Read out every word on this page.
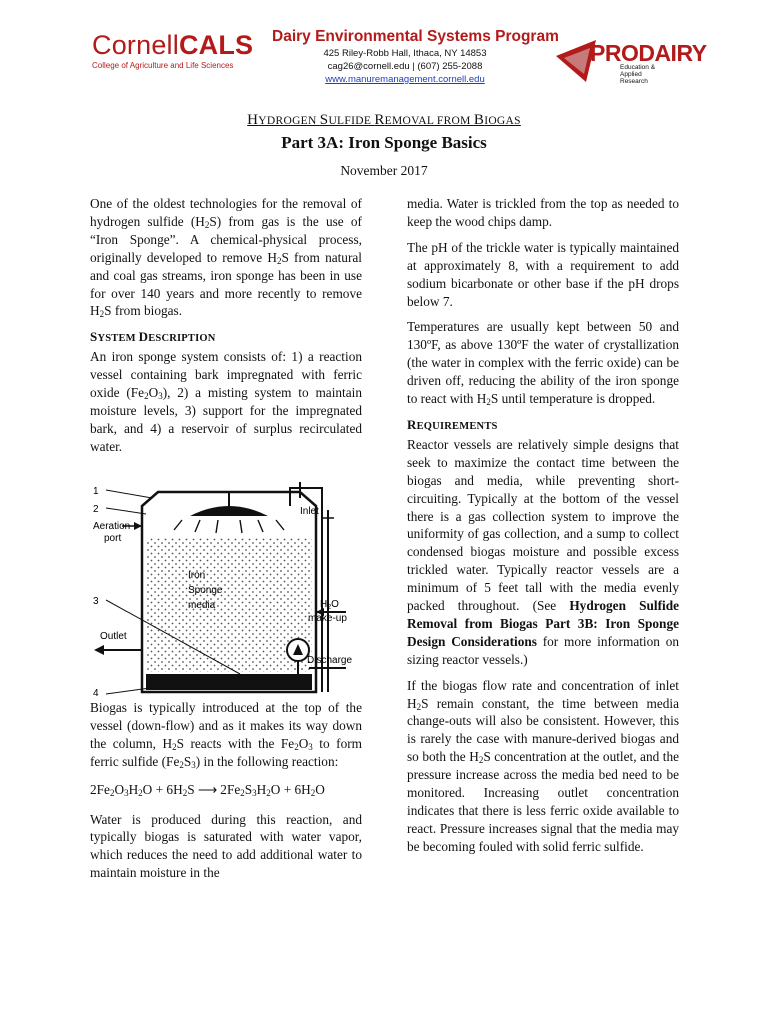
CornellCALS
College of Agriculture and Life Sciences
Dairy Environmental Systems Program
425 Riley-Robb Hall, Ithaca, NY 14853
cag26@cornell.edu | (607) 255-2088
www.manuremanagement.cornell.edu
PRODAIRY
Education & Applied Research
HYDROGEN SULFIDE REMOVAL FROM BIOGAS
Part 3A: Iron Sponge Basics
November 2017

One of the oldest technologies for the removal of hydrogen sulfide $(H_2S)$ from gas is the use of “Iron Sponge”. A chemical-physical process, originally developed to remove $H_2S$ from natural and coal gas streams, iron sponge has been in use for over 140 years and more recently to remove $H_2S$ from biogas.

SYSTEM DESCRIPTION

An iron sponge system consists of: 1) a reaction vessel containing bark impregnated with ferric oxide $(Fe_2O_3)$, 2) a misting system to maintain moisture levels, 3) support for the impregnated bark, and 4) a reservoir of surplus recirculated water.

1
2
Aeration
port
Inlet
Iron
Sponge
media
3	$H_2O$
make-up
Outlet
Discharge
4

Biogas is typically introduced at the top of the vessel (down-flow) and as it makes its way down the column, $H_2S$ reacts with the $Fe_2O_3$ to form ferric sulfide $(Fe_2S_3)$ in the following reaction:

$2Fe_2O_3H_2O + 6H_2S$ ⟶ $2Fe_2S_3H_2O + 6H_2O$

Water is produced during this reaction, and typically biogas is saturated with water vapor, which reduces the need to add additional water to maintain moisture in the

media. Water is trickled from the top as needed to keep the wood chips damp.

The pH of the trickle water is typically maintained at approximately 8, with a requirement to add sodium bicarbonate or other base if the pH drops below 7.

Temperatures are usually kept between 50 and 130ºF, as above 130ºF the water of crystallization (the water in complex with the ferric oxide) can be driven off, reducing the ability of the iron sponge to react with $H_2S$ until temperature is dropped.

REQUIREMENTS

Reactor vessels are relatively simple designs that seek to maximize the contact time between the biogas and media, while preventing short-circuiting. Typically at the bottom of the vessel there is a gas collection system to improve the uniformity of gas collection, and a sump to collect condensed biogas moisture and possible excess trickled water. Typically reactor vessels are a minimum of 5 feet tall with the media evenly packed throughout. (See Hydrogen Sulfide Removal from Biogas Part 3B: Iron Sponge Design Considerations for more information on sizing reactor vessels.)

If the biogas flow rate and concentration of inlet $H_2S$ remain constant, the time between media change-outs will also be consistent. However, this is rarely the case with manure-derived biogas and so both the $H_2S$ concentration at the outlet, and the pressure increase across the media bed need to be monitored. Increasing outlet concentration indicates that there is less ferric oxide available to react. Pressure increases signal that the media may be becoming fouled with solid ferric sulfide.
